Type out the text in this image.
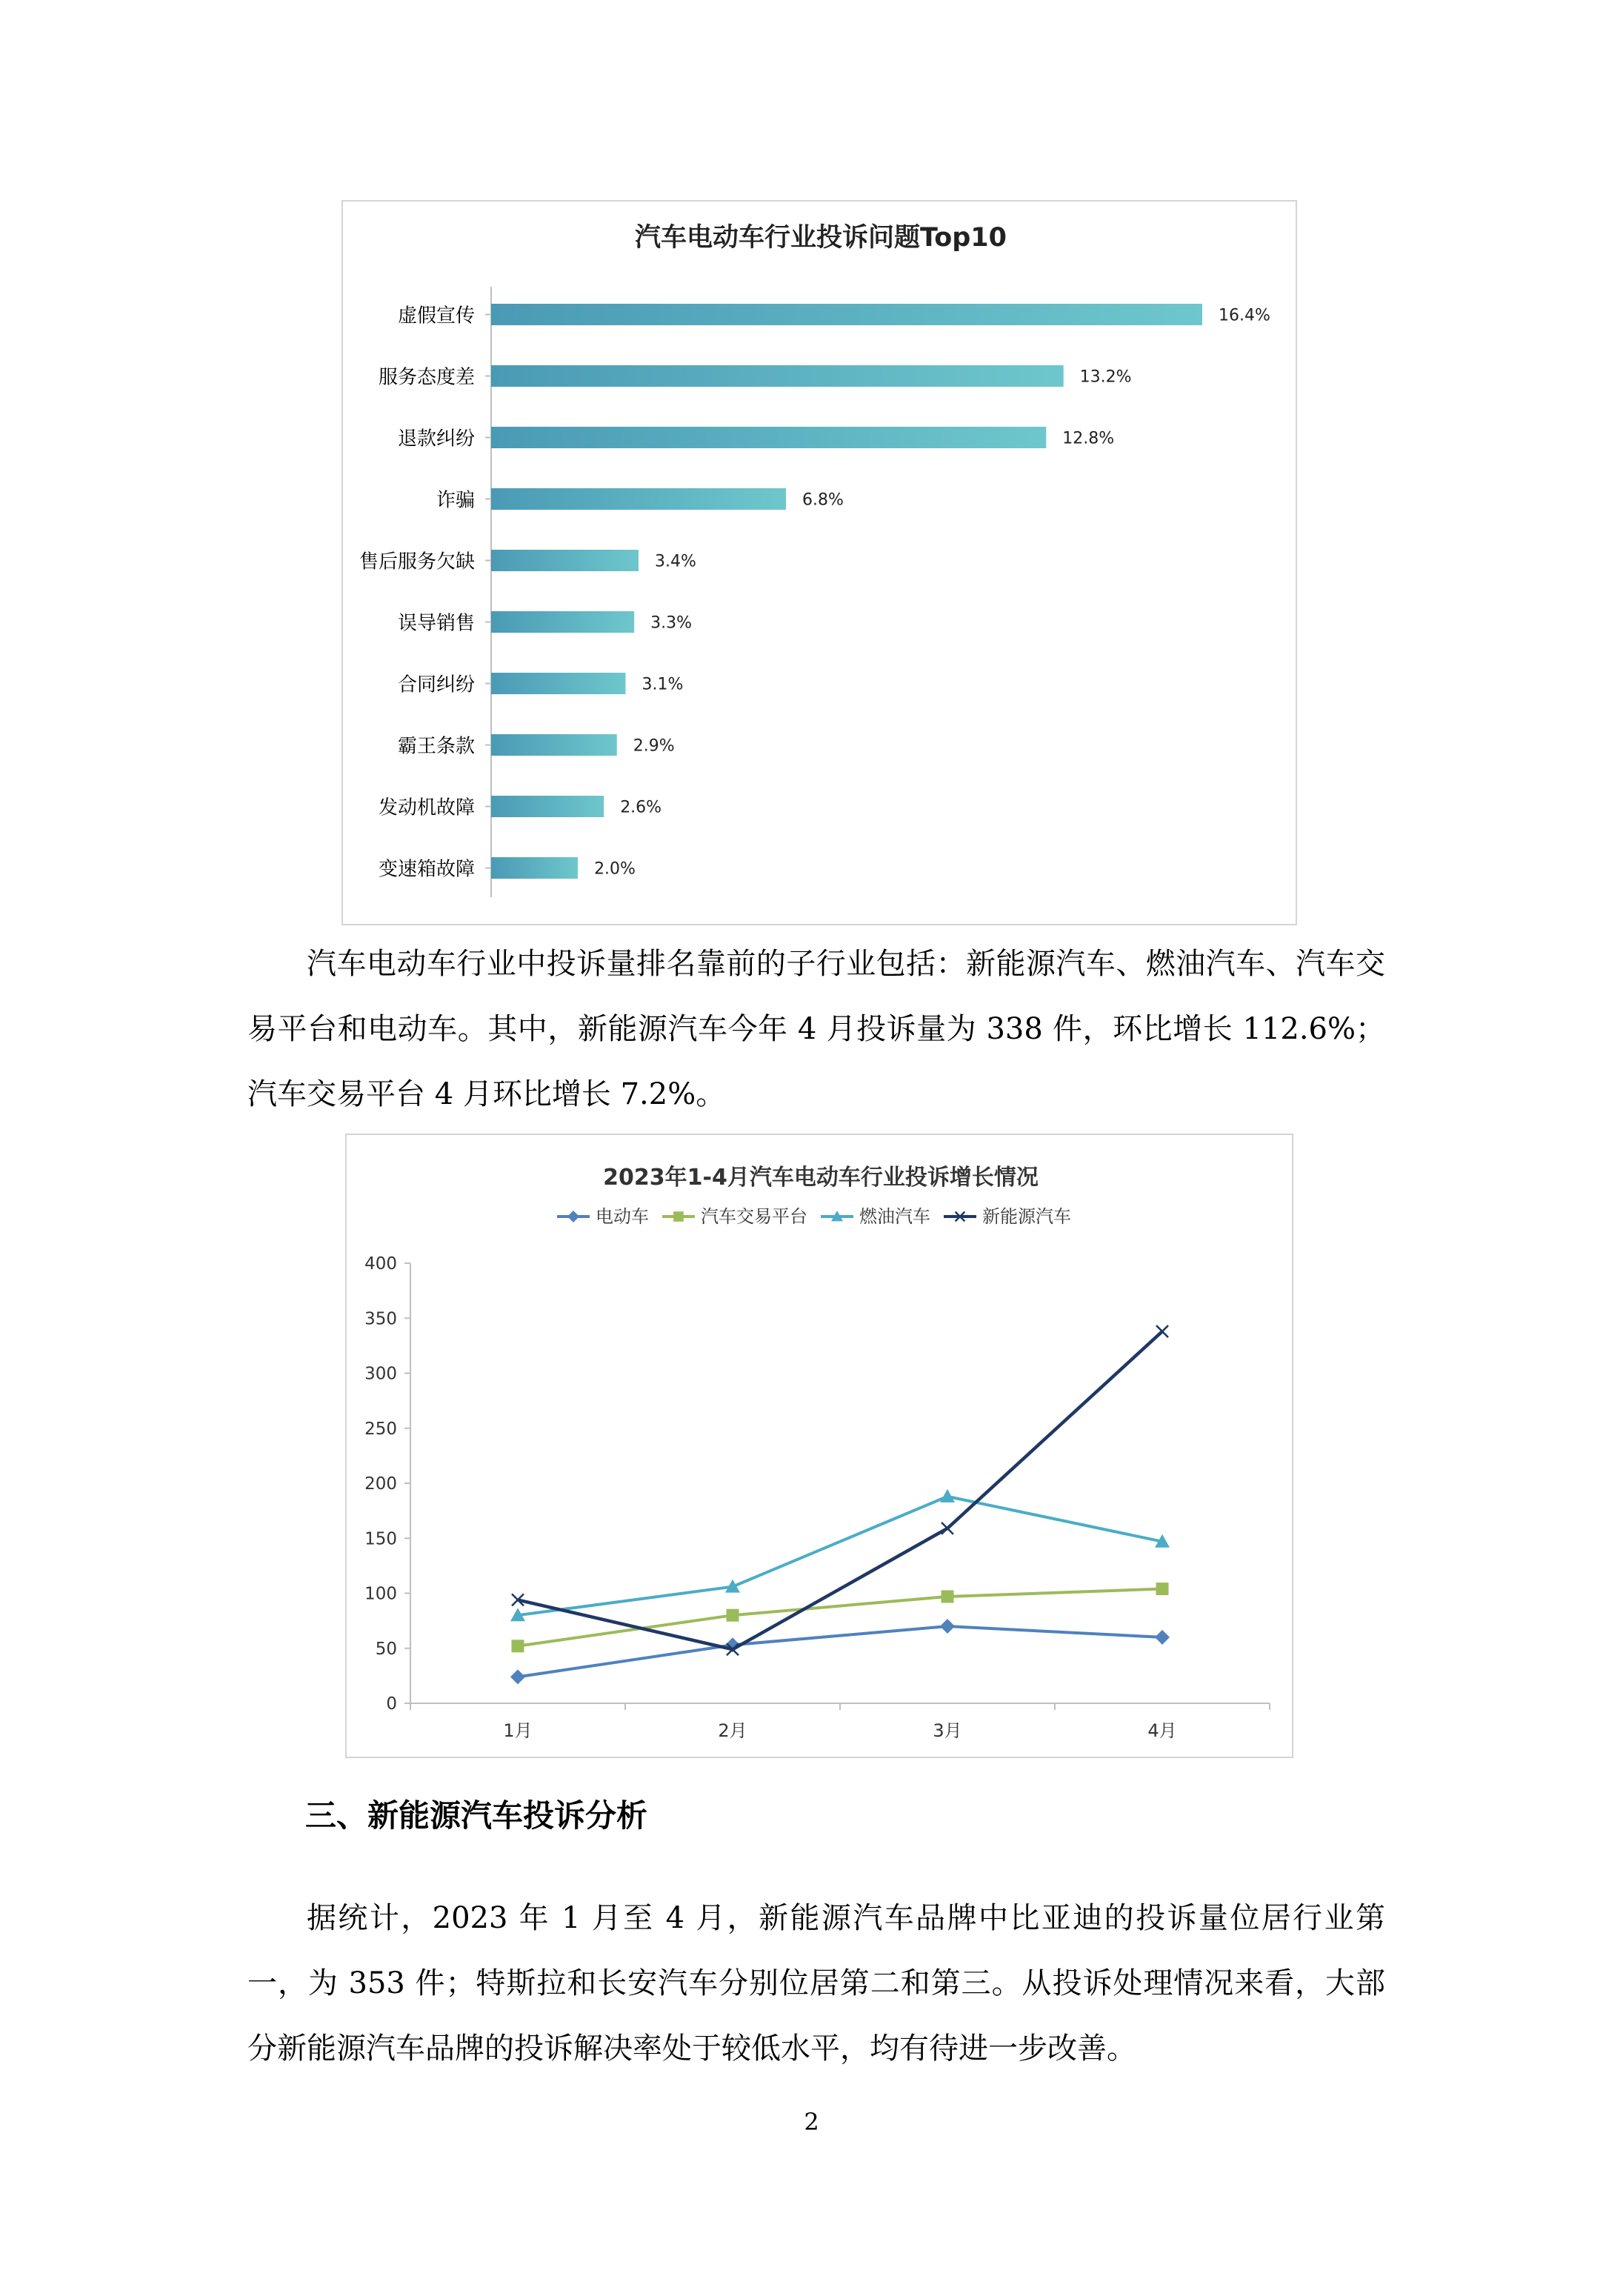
汽车电动车行业投诉问题Top10
虚假宣传	16.4%
服务态度差	13.2%
退款纠纷	12.8%
诈骗	6.8%
售后服务欠缺	3.4%
误导销售	3.3%
合同纠纷	3.1%
霸王条款	2.9%
发动机故障	2.6%
变速箱故障	2.0%
汽车电动车行业中投诉量排名靠前的子行业包括：新能源汽车、燃油汽车、汽车交易平台和电动车。其中，新能源汽车今年 4 月投诉量为 338 件，环比增长 112.6%；汽车交易平台 4 月环比增长 7.2%。
2023年1-4月汽车电动车行业投诉增长情况
电动车	汽车交易平台	燃油汽车	新能源汽车
0
50
100
150
200
250
300
350
400
1月	2月	3月	4月
三、新能源汽车投诉分析
据统计，2023 年 1 月至 4 月，新能源汽车品牌中比亚迪的投诉量位居行业第一，为 353 件；特斯拉和长安汽车分别位居第二和第三。从投诉处理情况来看，大部分新能源汽车品牌的投诉解决率处于较低水平，均有待进一步改善。
2
